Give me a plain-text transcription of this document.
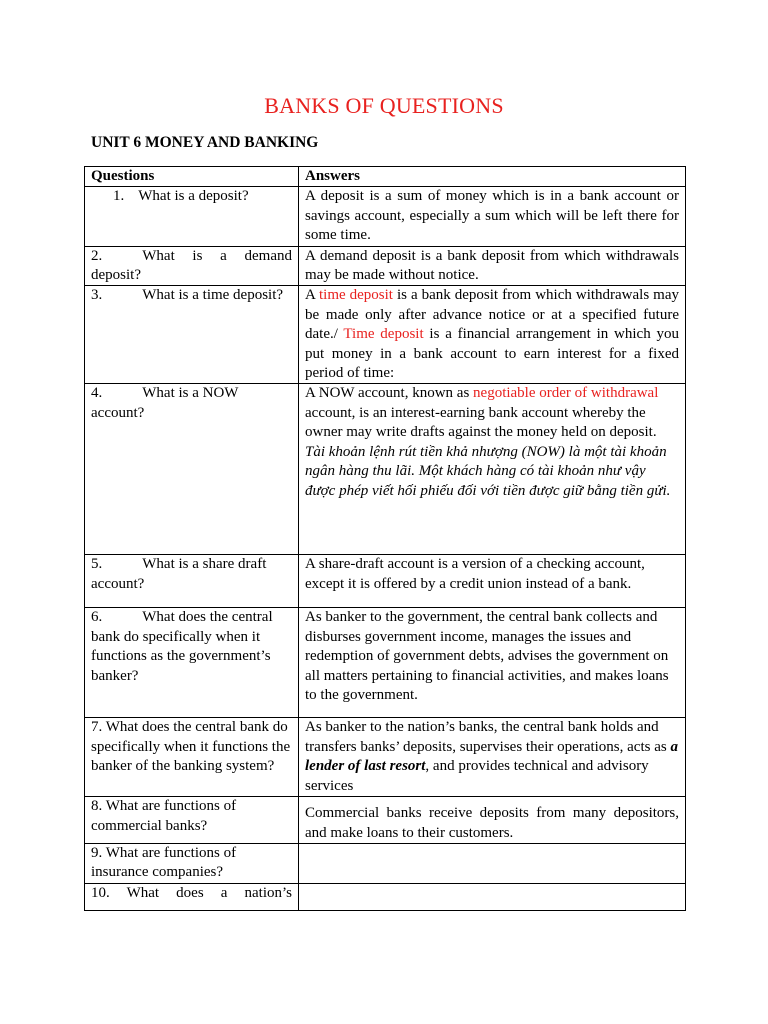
BANKS OF QUESTIONS
UNIT 6 MONEY AND BANKING
Questions	Answers
1. What is a deposit?	A deposit is a sum of money which is in a bank account or savings account, especially a sum which will be left there for some time.
2. What is a demand deposit?	A demand deposit is a bank deposit from which withdrawals may be made without notice.
3. What is a time deposit?	A time deposit is a bank deposit from which withdrawals may be made only after advance notice or at a specified future date./ Time deposit is a financial arrangement in which you put money in a bank account to earn interest for a fixed period of time:
4. What is a NOW account?	A NOW account, known as negotiable order of withdrawal account, is an interest-earning bank account whereby the owner may write drafts against the money held on deposit.
Tài khoản lệnh rút tiền khả nhượng (NOW) là một tài khoản ngân hàng thu lãi. Một khách hàng có tài khoản như vậy được phép viết hối phiếu đối với tiền được giữ bằng tiền gửi.
5. What is a share draft account?	A share-draft account is a version of a checking account, except it is offered by a credit union instead of a bank.
6. What does the central bank do specifically when it functions as the government’s banker?	As banker to the government, the central bank collects and disburses government income, manages the issues and redemption of government debts, advises the government on all matters pertaining to financial activities, and makes loans to the government.
7. What does the central bank do specifically when it functions the banker of the banking system?	As banker to the nation’s banks, the central bank holds and transfers banks’ deposits, supervises their operations, acts as a lender of last resort, and provides technical and advisory services
8. What are functions of commercial banks?	Commercial banks receive deposits from many depositors, and make loans to their customers.
9. What are functions of insurance companies?	
10. What does a nation’s	
